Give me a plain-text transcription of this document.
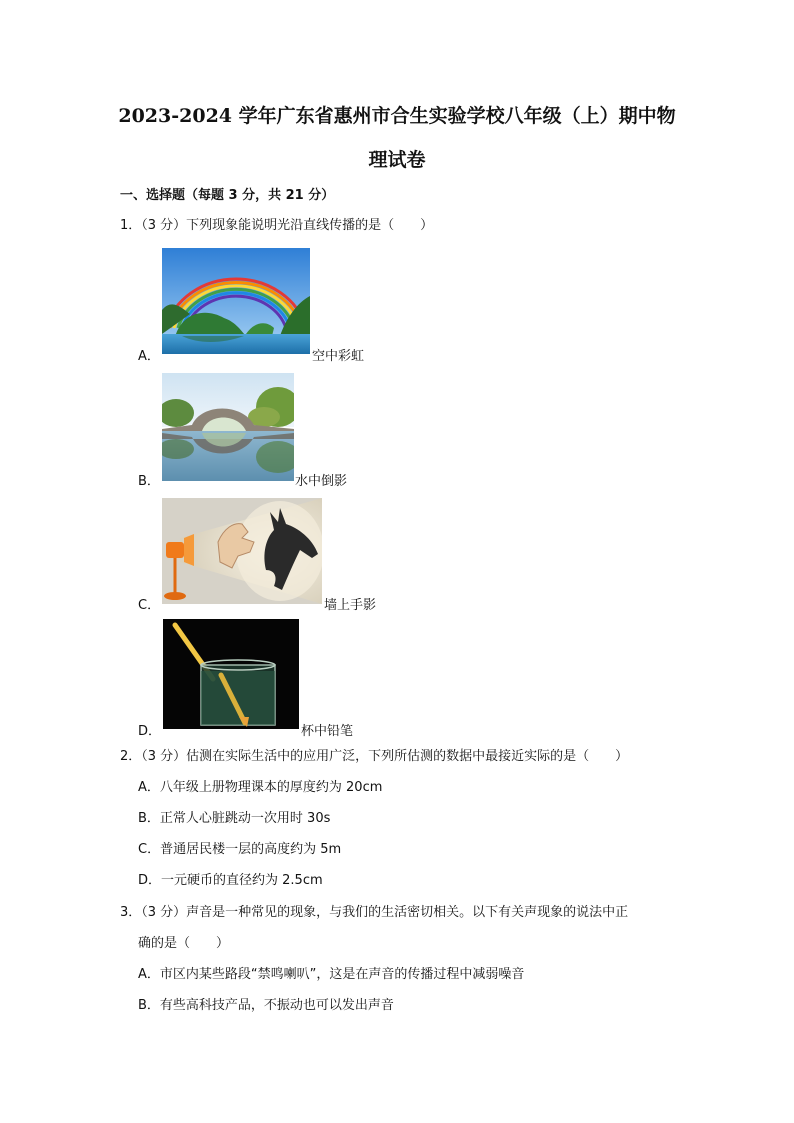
2023-2024 学年广东省惠州市合生实验学校八年级（上）期中物
理试卷
一、选择题（每题 3 分，共 21 分）
1．（3 分）下列现象能说明光沿直线传播的是（　　）
A．	空中彩虹
B．	水中倒影
C．	墙上手影
D．	杯中铅笔
2．（3 分）估测在实际生活中的应用广泛，下列所估测的数据中最接近实际的是（　　）
A．八年级上册物理课本的厚度约为 20cm
B．正常人心脏跳动一次用时 30s
C．普通居民楼一层的高度约为 5m
D．一元硬币的直径约为 2.5cm
3．（3 分）声音是一种常见的现象，与我们的生活密切相关。以下有关声现象的说法中正
确的是（　　）
A．市区内某些路段“禁鸣喇叭”，这是在声音的传播过程中减弱噪音
B．有些高科技产品，不振动也可以发出声音
